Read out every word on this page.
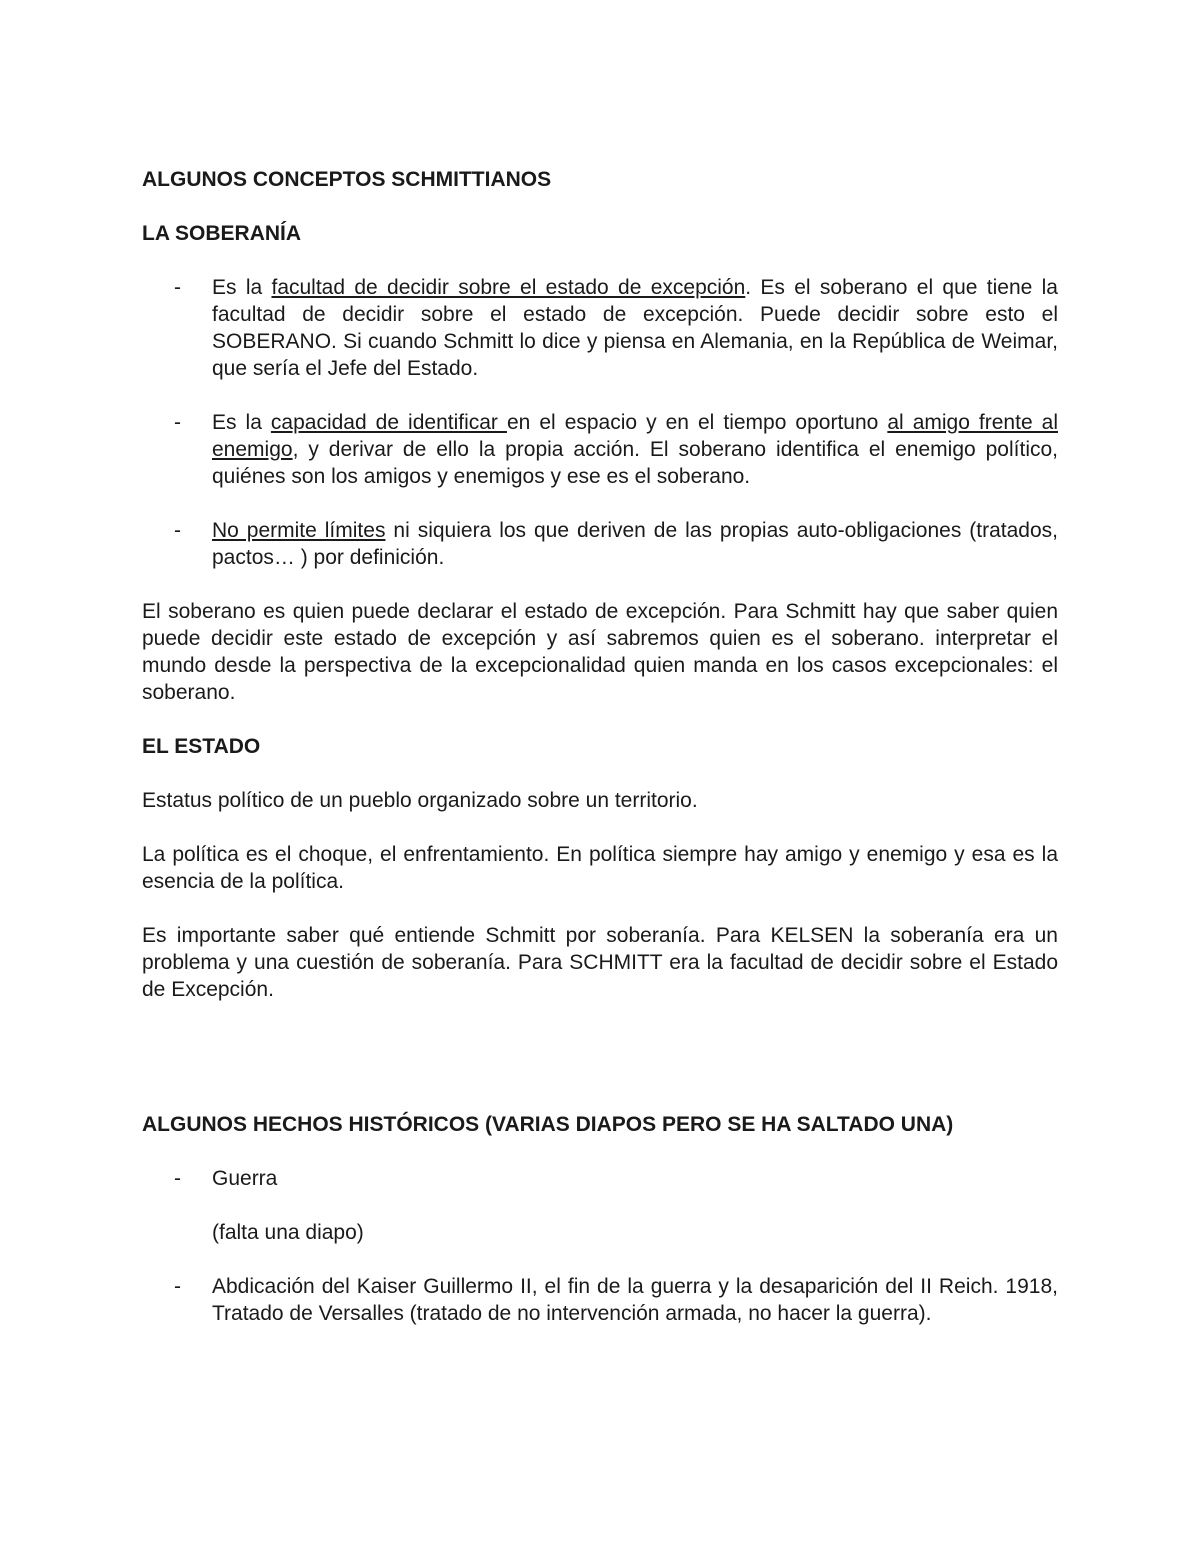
ALGUNOS CONCEPTOS SCHMITTIANOS
LA SOBERANÍA
- Es la facultad de decidir sobre el estado de excepción. Es el soberano el que tiene la facultad de decidir sobre el estado de excepción. Puede decidir sobre esto el SOBERANO. Si cuando Schmitt lo dice y piensa en Alemania, en la República de Weimar, que sería el Jefe del Estado.
- Es la capacidad de identificar en el espacio y en el tiempo oportuno al amigo frente al enemigo, y derivar de ello la propia acción. El soberano identifica el enemigo político, quiénes son los amigos y enemigos y ese es el soberano.
- No permite límites ni siquiera los que deriven de las propias auto-obligaciones (tratados, pactos… ) por definición.

El soberano es quien puede declarar el estado de excepción. Para Schmitt hay que saber quien puede decidir este estado de excepción y así sabremos quien es el soberano. interpretar el mundo desde la perspectiva de la excepcionalidad quien manda en los casos excepcionales: el soberano.

EL ESTADO

Estatus político de un pueblo organizado sobre un territorio.

La política es el choque, el enfrentamiento. En política siempre hay amigo y enemigo y esa es la esencia de la política.

Es importante saber qué entiende Schmitt por soberanía. Para KELSEN la soberanía era un problema y una cuestión de soberanía. Para SCHMITT era la facultad de decidir sobre el Estado de Excepción.

ALGUNOS HECHOS HISTÓRICOS (VARIAS DIAPOS PERO SE HA SALTADO UNA)
- Guerra

(falta una diapo)

- Abdicación del Kaiser Guillermo II, el fin de la guerra y la desaparición del II Reich. 1918, Tratado de Versalles (tratado de no intervención armada, no hacer la guerra).
